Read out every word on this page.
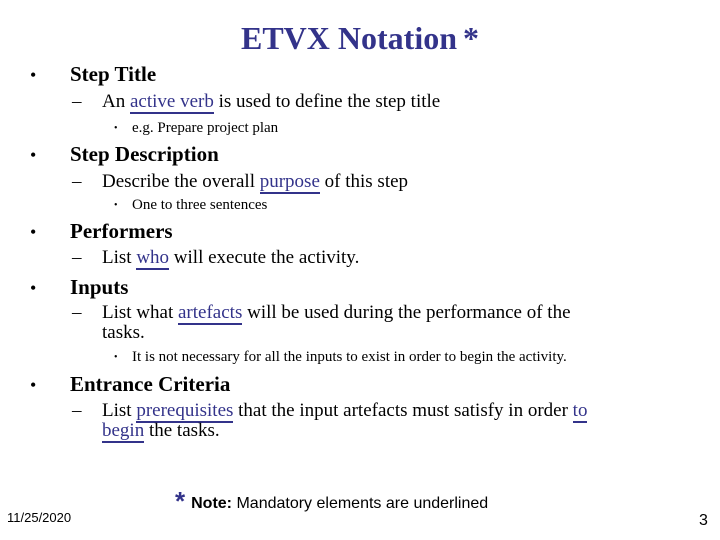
ETVX Notation *
• Step Title
– An active verb is used to define the step title
• e.g. Prepare project plan
• Step Description
– Describe the overall purpose of this step
• One to three sentences
• Performers
– List who will execute the activity.
• Inputs
– List what artefacts will be used during the performance of the
tasks.
• It is not necessary for all the inputs to exist in order to begin the activity.
• Entrance Criteria
– List prerequisites that the input artefacts must satisfy in order to
begin the tasks.
11/25/2020
* Note: Mandatory elements are underlined
3
